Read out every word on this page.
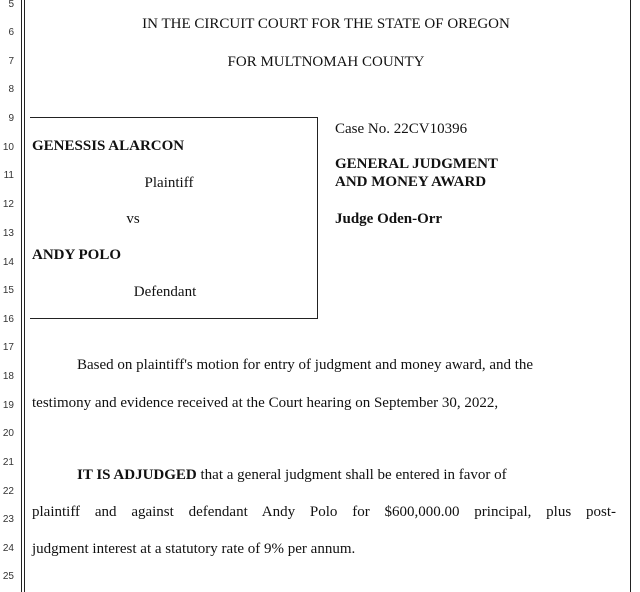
5
6
7
8
9
10
11
12
13
14
15
16
17
18
19
20
21
22
23
24
25
IN THE CIRCUIT COURT FOR THE STATE OF OREGON
FOR MULTNOMAH COUNTY
GENESSIS ALARCON
Plaintiff
vs
ANDY POLO
Defendant
Case No. 22CV10396
GENERAL JUDGMENT
AND MONEY AWARD
Judge Oden-Orr
Based on plaintiff's motion for entry of judgment and money award, and the
testimony and evidence received at the Court hearing on September 30, 2022,
IT IS ADJUDGED that a general judgment shall be entered in favor of
plaintiff and against defendant Andy Polo for $600,000.00 principal, plus post-
judgment interest at a statutory rate of 9% per annum.
